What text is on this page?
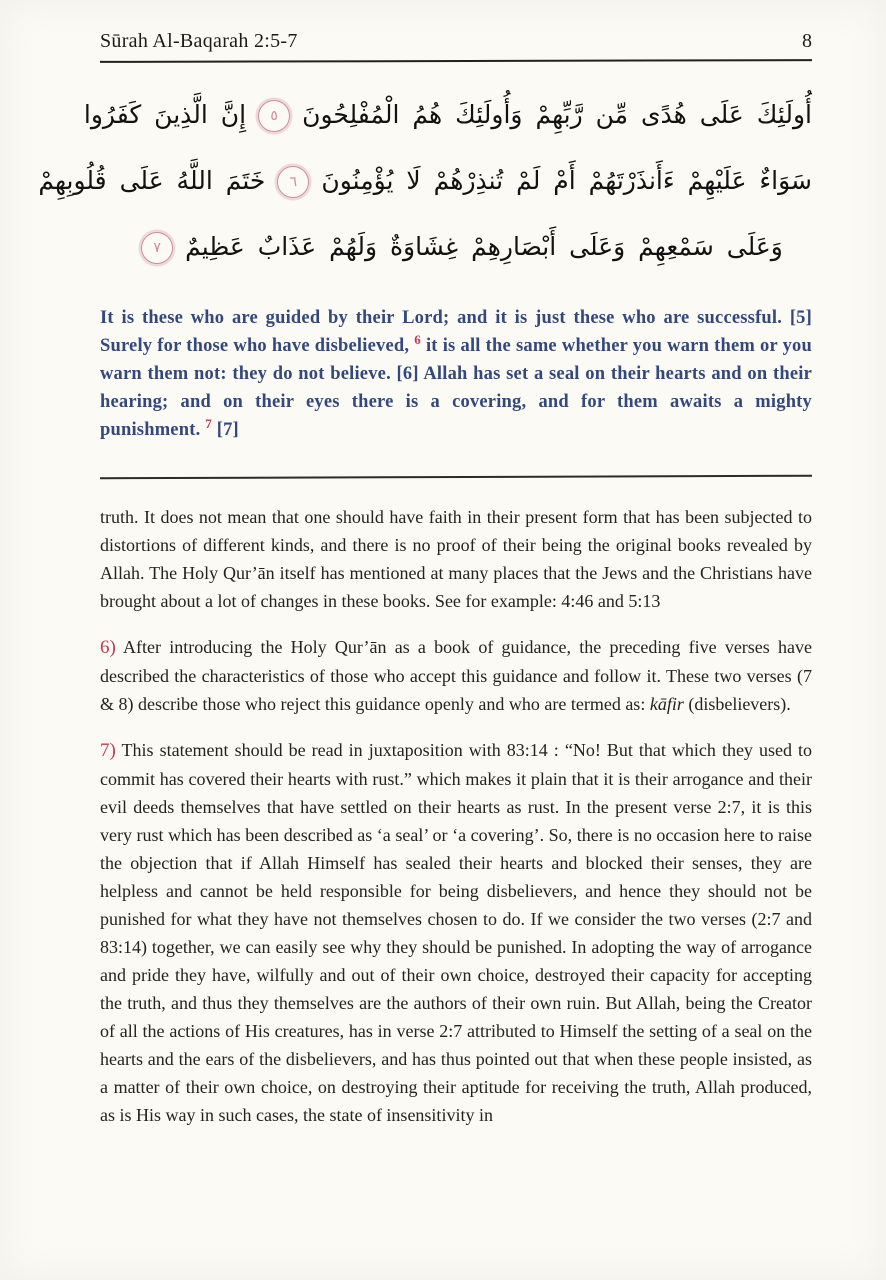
Sūrah Al-Baqarah 2:5-7	8
أُولَئِكَ عَلَى هُدًى مِّن رَّبِّهِمْ وَأُولَئِكَ هُمُ الْمُفْلِحُونَ
٥
إِنَّ الَّذِينَ كَفَرُوا
سَوَاءٌ عَلَيْهِمْ ءَأَنذَرْتَهُمْ أَمْ لَمْ تُنذِرْهُمْ لَا يُؤْمِنُونَ
٦
خَتَمَ اللَّهُ عَلَى قُلُوبِهِمْ
وَعَلَى سَمْعِهِمْ وَعَلَى أَبْصَارِهِمْ غِشَاوَةٌ وَلَهُمْ عَذَابٌ عَظِيمٌ
٧
It is these who are guided by their Lord; and it is just these who are successful. [5] Surely for those who have disbelieved, $^6$ it is all the same whether you warn them or you warn them not: they do not believe. [6] Allah has set a seal on their hearts and on their hearing; and on their eyes there is a covering, and for them awaits a mighty punishment. $^7$ [7]

truth. It does not mean that one should have faith in their present form that has been subjected to distortions of different kinds, and there is no proof of their being the original books revealed by Allah. The Holy Qur’ān itself has mentioned at many places that the Jews and the Christians have brought about a lot of changes in these books. See for example: 4:46 and 5:13

6) After introducing the Holy Qur’ān as a book of guidance, the preceding five verses have described the characteristics of those who accept this guidance and follow it. These two verses (7 & 8) describe those who reject this guidance openly and who are termed as: kāfir (disbelievers).

7) This statement should be read in juxtaposition with 83:14 : “No! But that which they used to commit has covered their hearts with rust.” which makes it plain that it is their arrogance and their evil deeds themselves that have settled on their hearts as rust. In the present verse 2:7, it is this very rust which has been described as ‘a seal’ or ‘a covering’. So, there is no occasion here to raise the objection that if Allah Himself has sealed their hearts and blocked their senses, they are helpless and cannot be held responsible for being disbelievers, and hence they should not be punished for what they have not themselves chosen to do. If we consider the two verses (2:7 and 83:14) together, we can easily see why they should be punished. In adopting the way of arrogance and pride they have, wilfully and out of their own choice, destroyed their capacity for accepting the truth, and thus they themselves are the authors of their own ruin. But Allah, being the Creator of all the actions of His creatures, has in verse 2:7 attributed to Himself the setting of a seal on the hearts and the ears of the disbelievers, and has thus pointed out that when these people insisted, as a matter of their own choice, on destroying their aptitude for receiving the truth, Allah produced, as is His way in such cases, the state of insensitivity in
